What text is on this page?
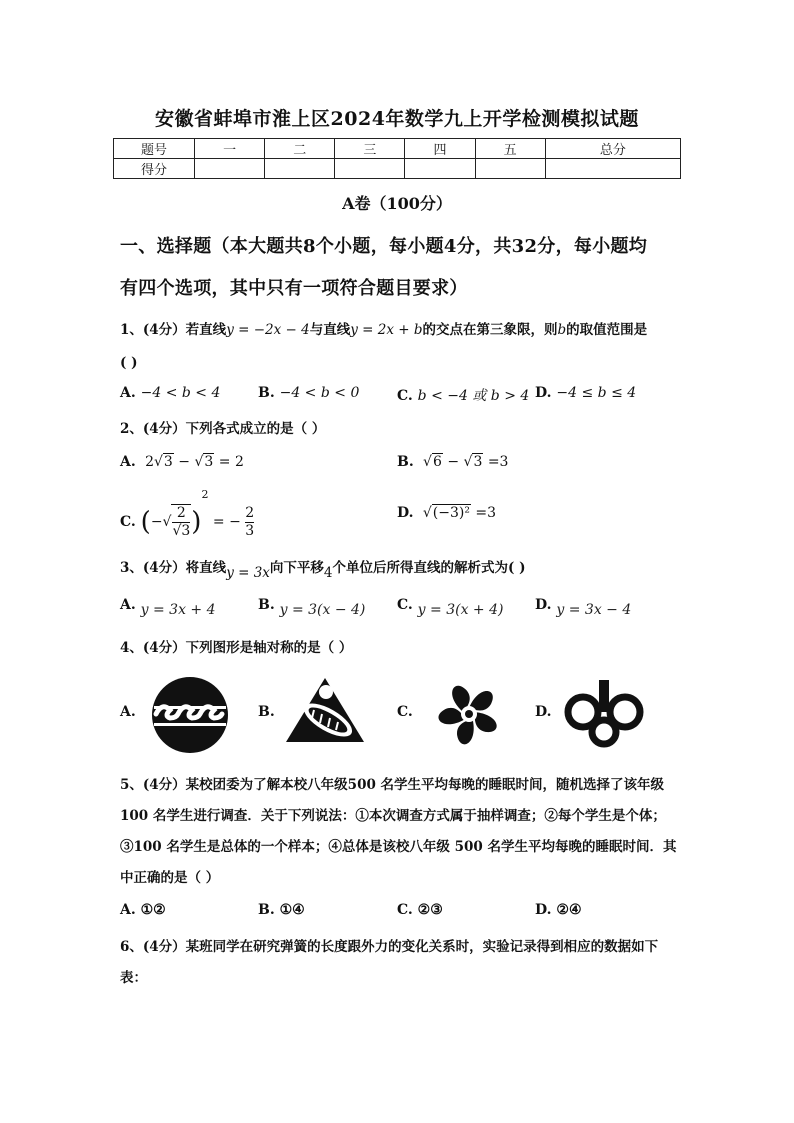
安徽省蚌埠市淮上区2024年数学九上开学检测模拟试题
题号	一	二	三	四	五	总分
得分						
A卷（100分）
一、选择题（本大题共8个小题，每小题4分，共32分，每小题均
有四个选项，其中只有一项符合题目要求）
1、(4分）若直线y = −2x − 4与直线y = 2x + b的交点在第三象限，则b的取值范围是
( )
A. −4 < b < 4	B. −4 < b < 0	C. b < −4 或 b > 4 D. −4 ≤ b ≤ 4
2、(4分）下列各式成立的是（ ）
A.  2√3 − √3 = 2	B.  √6 − √3 =3
C. (−√ $\frac{2}{√3} )^2$ = − $\frac{2}{3}$	D.  √(−3)² =3
3、(4分）将直线y = 3x向下平移4个单位后所得直线的解析式为( )
A. y = 3x + 4	B. y = 3(x − 4) C. y = 3(x + 4) D. y = 3x − 4
4、(4分）下列图形是轴对称的是（ ）
A.	B.	C.	D.
5、(4分）某校团委为了解本校八年级500 名学生平均每晚的睡眠时间，随机选择了该年级
100 名学生进行调查．关于下列说法：①本次调查方式属于抽样调查；②每个学生是个体；
③100 名学生是总体的一个样本；④总体是该校八年级 500 名学生平均每晚的睡眠时间．其
中正确的是（ ）
A. ①②	B. ①④	C. ②③	D. ②④
6、(4分）某班同学在研究弹簧的长度跟外力的变化关系时，实验记录得到相应的数据如下
表：
